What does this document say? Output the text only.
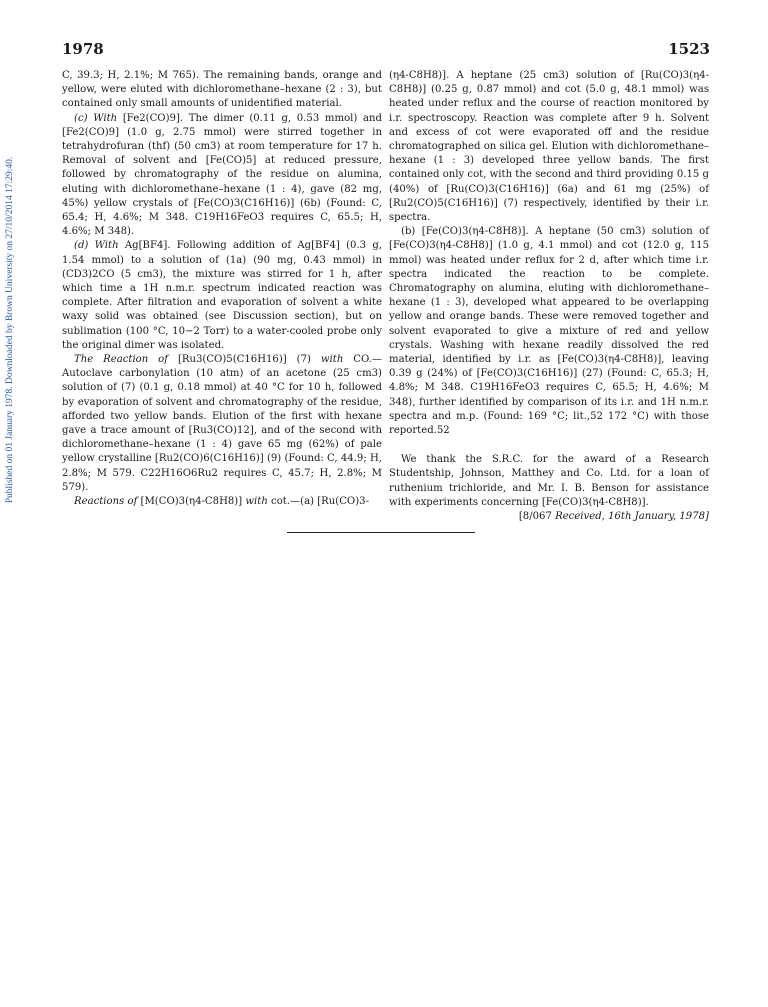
Published on 01 January 1978. Downloaded by Brown University on 27/10/2014 17:29:40.
1978	1523

C, 39.3; H, 2.1%; M 765). The remaining bands, orange and yellow, were eluted with dichloromethane–hexane (2 : 3), but contained only small amounts of unidentified material.

(c) With [Fe2(CO)9]. The dimer (0.11 g, 0.53 mmol) and [Fe2(CO)9] (1.0 g, 2.75 mmol) were stirred together in tetrahydrofuran (thf) (50 cm3) at room temperature for 17 h. Removal of solvent and [Fe(CO)5] at reduced pressure, followed by chromatography of the residue on alumina, eluting with dichloromethane–hexane (1 : 4), gave (82 mg, 45%) yellow crystals of [Fe(CO)3(C16H16)] (6b) (Found: C, 65.4; H, 4.6%; M 348. C19H16FeO3 requires C, 65.5; H, 4.6%; M 348).

(d) With Ag[BF4]. Following addition of Ag[BF4] (0.3 g, 1.54 mmol) to a solution of (1a) (90 mg, 0.43 mmol) in (CD3)2CO (5 cm3), the mixture was stirred for 1 h, after which time a 1H n.m.r. spectrum indicated reaction was complete. After filtration and evaporation of solvent a white waxy solid was obtained (see Discussion section), but on sublimation (100 °C, 10−2 Torr) to a water-cooled probe only the original dimer was isolated.

The Reaction of [Ru3(CO)5(C16H16)] (7) with CO.—Autoclave carbonylation (10 atm) of an acetone (25 cm3) solution of (7) (0.1 g, 0.18 mmol) at 40 °C for 10 h, followed by evaporation of solvent and chromatography of the residue, afforded two yellow bands. Elution of the first with hexane gave a trace amount of [Ru3(CO)12], and of the second with dichloromethane–hexane (1 : 4) gave 65 mg (62%) of pale yellow crystalline [Ru2(CO)6(C16H16)] (9) (Found: C, 44.9; H, 2.8%; M 579. C22H16O6Ru2 requires C, 45.7; H, 2.8%; M 579).

Reactions of [M(CO)3(η4-C8H8)] with cot.—(a) [Ru(CO)3-

(η4-C8H8)]. A heptane (25 cm3) solution of [Ru(CO)3(η4-C8H8)] (0.25 g, 0.87 mmol) and cot (5.0 g, 48.1 mmol) was heated under reflux and the course of reaction monitored by i.r. spectroscopy. Reaction was complete after 9 h. Solvent and excess of cot were evaporated off and the residue chromatographed on silica gel. Elution with dichloromethane–hexane (1 : 3) developed three yellow bands. The first contained only cot, with the second and third providing 0.15 g (40%) of [Ru(CO)3(C16H16)] (6a) and 61 mg (25%) of [Ru2(CO)5(C16H16)] (7) respectively, identified by their i.r. spectra.

(b) [Fe(CO)3(η4-C8H8)]. A heptane (50 cm3) solution of [Fe(CO)3(η4-C8H8)] (1.0 g, 4.1 mmol) and cot (12.0 g, 115 mmol) was heated under reflux for 2 d, after which time i.r. spectra indicated the reaction to be complete. Chromatography on alumina, eluting with dichloromethane–hexane (1 : 3), developed what appeared to be overlapping yellow and orange bands. These were removed together and solvent evaporated to give a mixture of red and yellow crystals. Washing with hexane readily dissolved the red material, identified by i.r. as [Fe(CO)3(η4-C8H8)], leaving 0.39 g (24%) of [Fe(CO)3(C16H16)] (27) (Found: C, 65.3; H, 4.8%; M 348. C19H16FeO3 requires C, 65.5; H, 4.6%; M 348), further identified by comparison of its i.r. and 1H n.m.r. spectra and m.p. (Found: 169 °C; lit.,52 172 °C) with those reported.52

We thank the S.R.C. for the award of a Research Studentship, Johnson, Matthey and Co. Ltd. for a loan of ruthenium trichloride, and Mr. I. B. Benson for assistance with experiments concerning [Fe(CO)3(η4-C8H8)].

[8/067 Received, 16th January, 1978]
